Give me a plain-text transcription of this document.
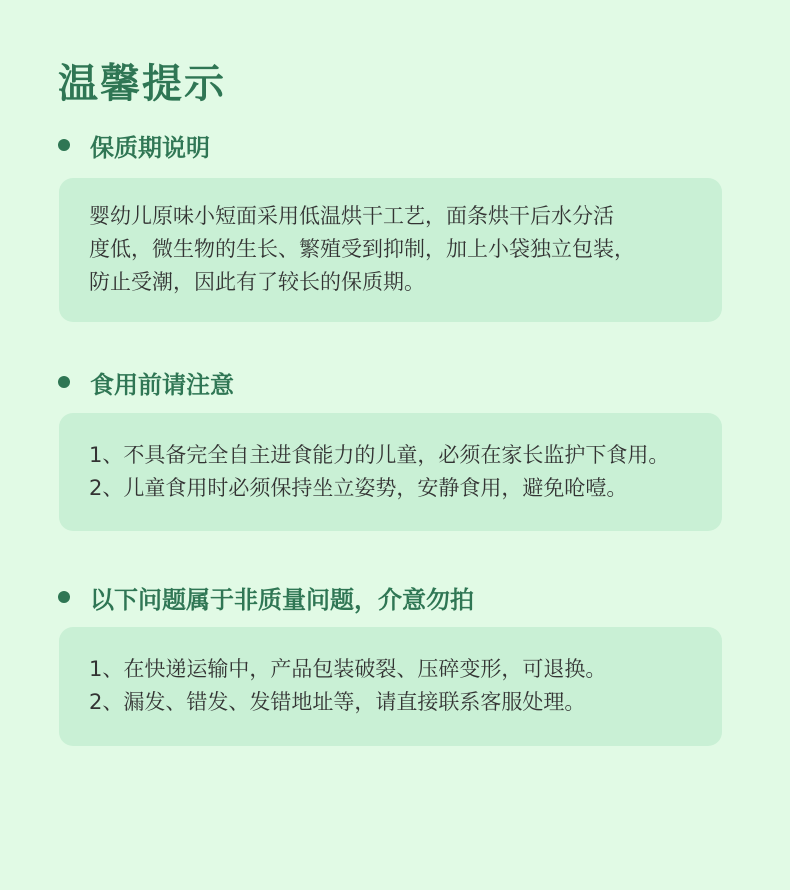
温馨提示
保质期说明
婴幼儿原味小短面采用低温烘干工艺，面条烘干后水分活
度低，微生物的生长、繁殖受到抑制，加上小袋独立包装，
防止受潮，因此有了较长的保质期。
食用前请注意
1、不具备完全自主进食能力的儿童，必须在家长监护下食用。
2、儿童食用时必须保持坐立姿势，安静食用，避免呛噎。
以下问题属于非质量问题，介意勿拍
1、在快递运输中，产品包装破裂、压碎变形，可退换。
2、漏发、错发、发错地址等，请直接联系客服处理。
